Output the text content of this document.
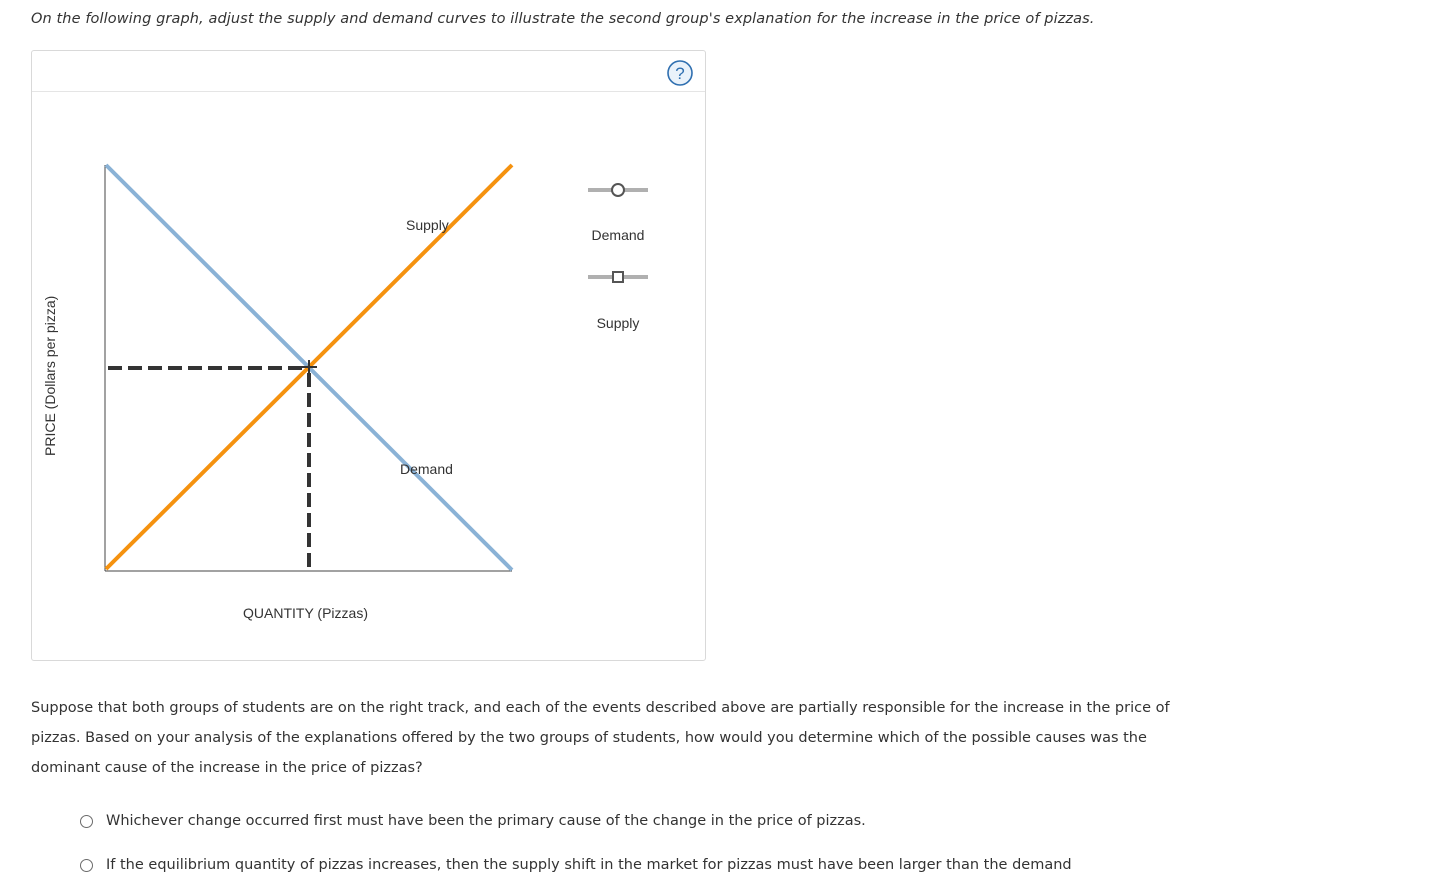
On the following graph, adjust the supply and demand curves to illustrate the second group's explanation for the increase in the price of pizzas.
Supply
Demand
PRICE (Dollars per pizza)
QUANTITY (Pizzas)
Demand
Supply
?
Suppose that both groups of students are on the right track, and each of the events described above are partially responsible for the increase in the price of pizzas. Based on your analysis of the explanations offered by the two groups of students, how would you determine which of the possible causes was the dominant cause of the increase in the price of pizzas?
Whichever change occurred first must have been the primary cause of the change in the price of pizzas.
If the equilibrium quantity of pizzas increases, then the supply shift in the market for pizzas must have been larger than the demand
